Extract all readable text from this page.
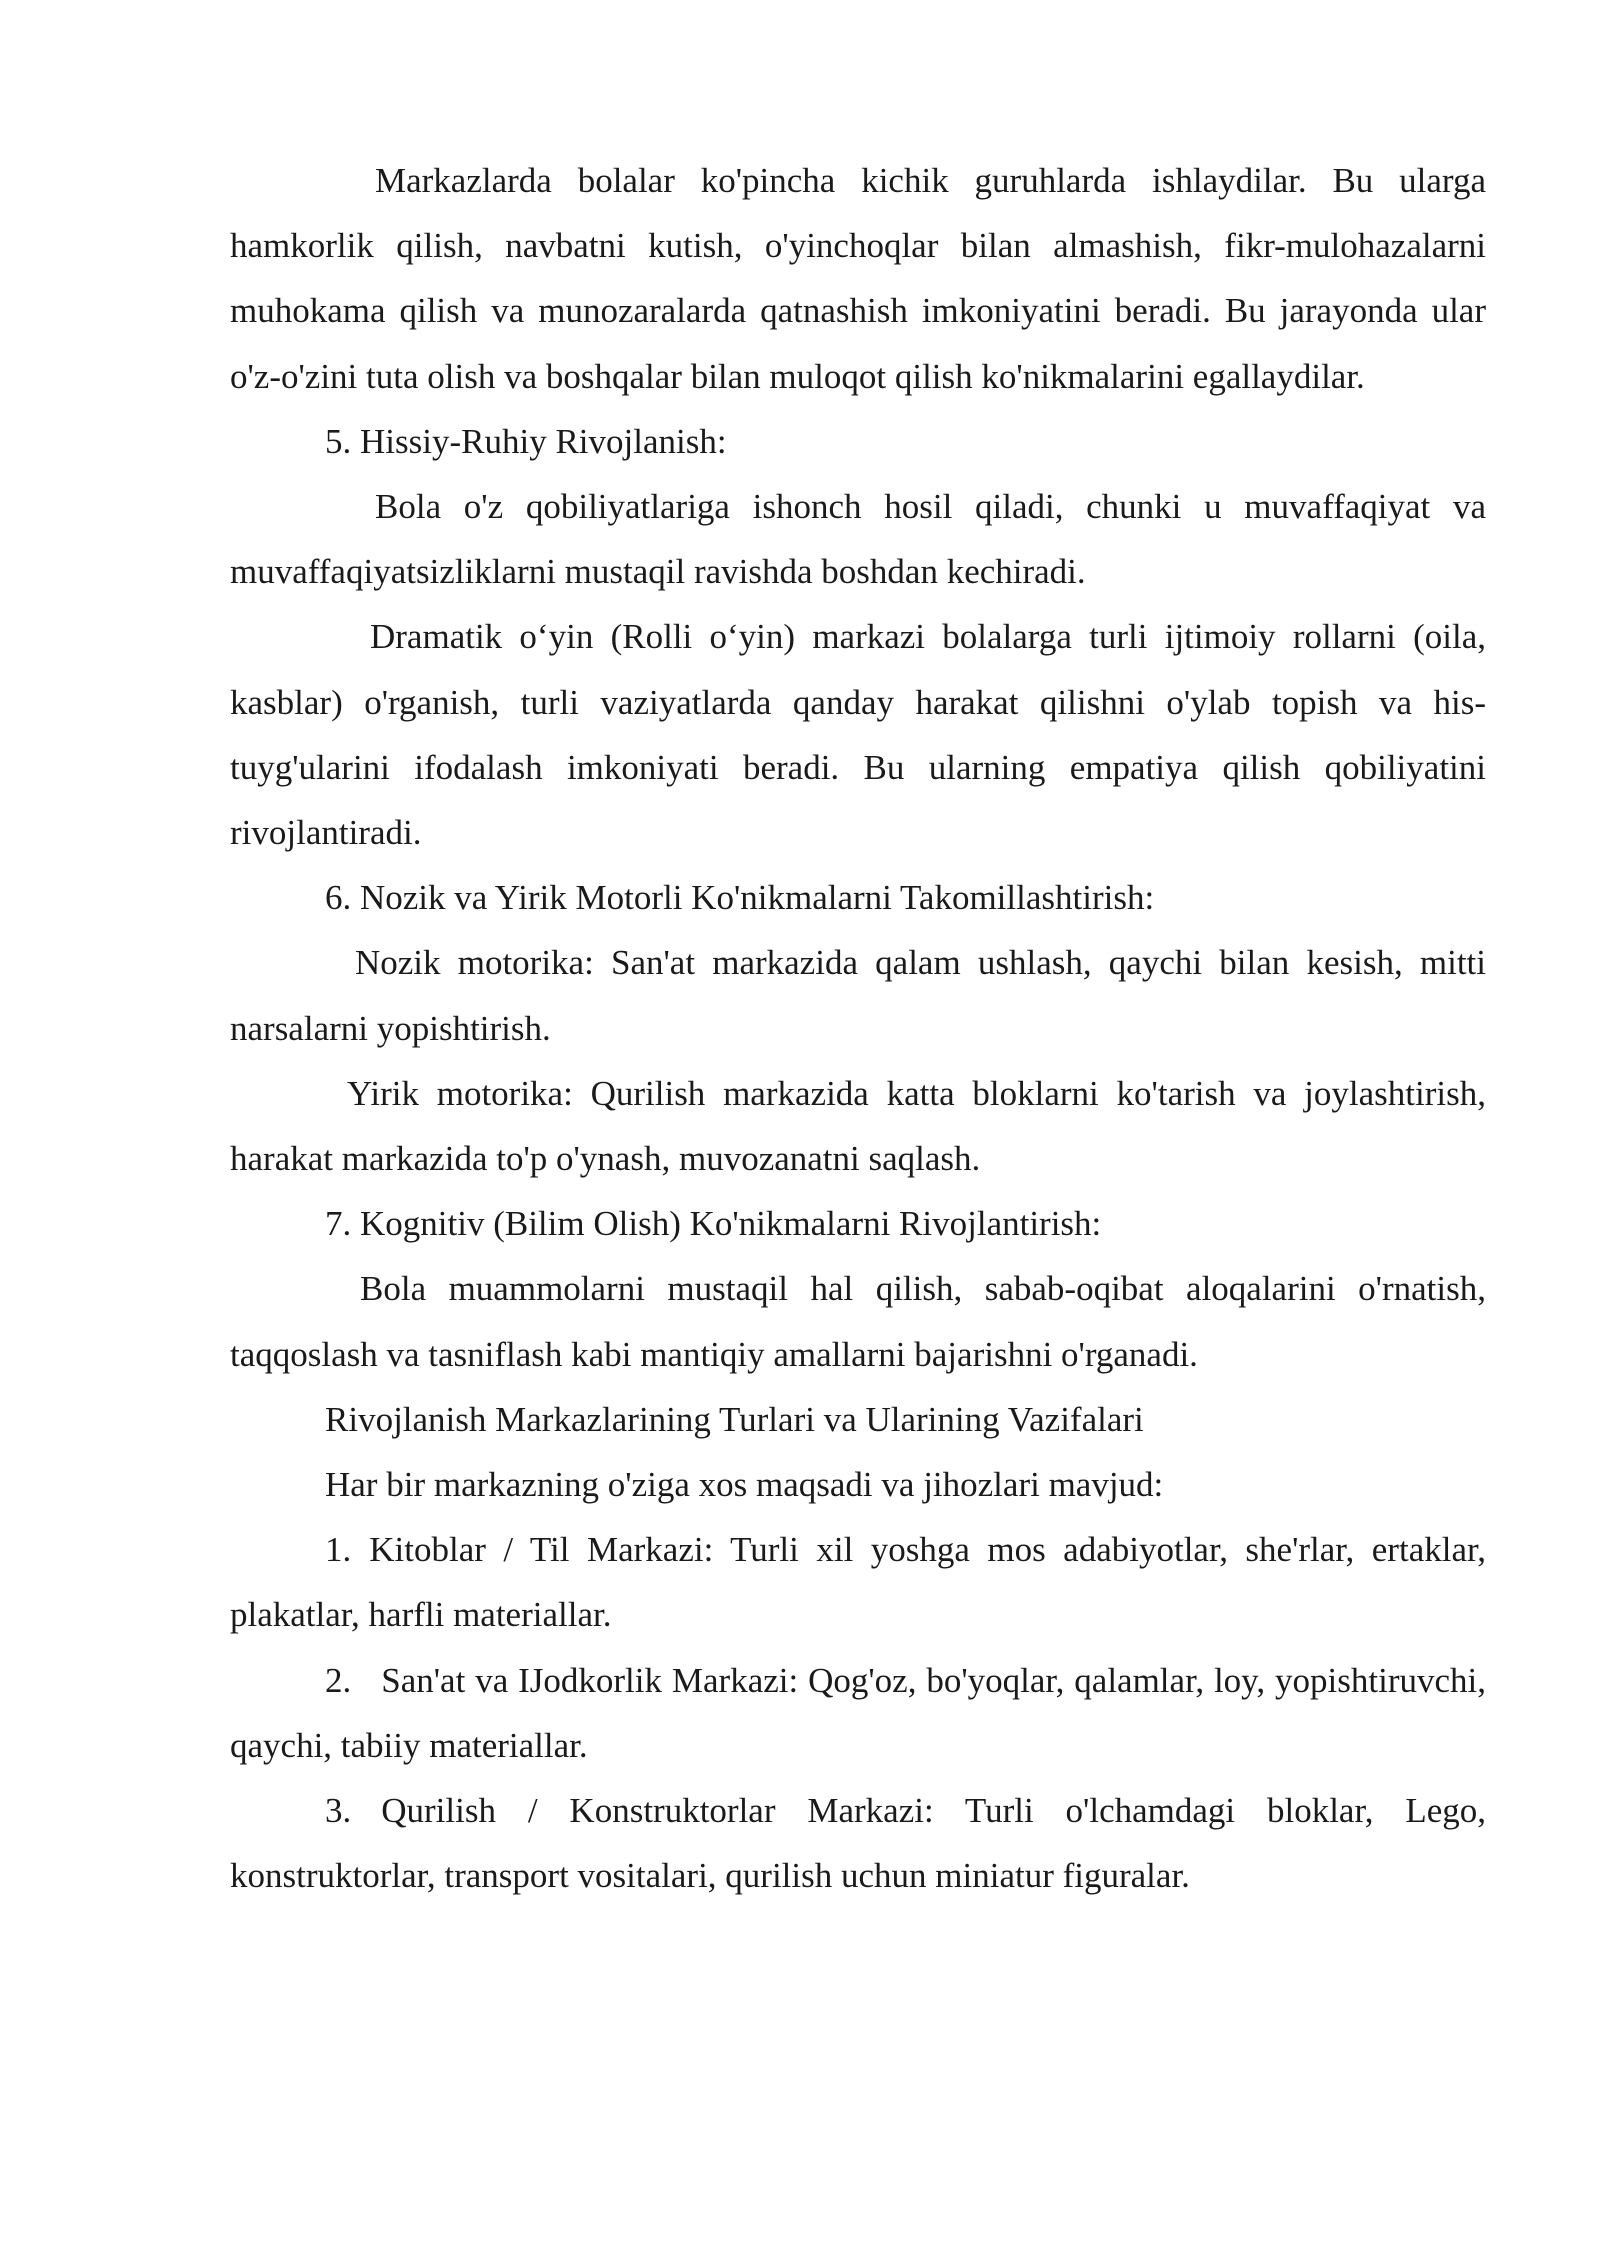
Markazlarda bolalar ko'pincha kichik guruhlarda ishlaydilar. Bu ularga hamkorlik qilish, navbatni kutish, o'yinchoqlar bilan almashish, fikr-mulohazalarni muhokama qilish va munozaralarda qatnashish imkoniyatini beradi. Bu jarayonda ular o'z-o'zini tuta olish va boshqalar bilan muloqot qilish ko'nikmalarini egallaydilar.

5. Hissiy-Ruhiy Rivojlanish:

Bola o'z qobiliyatlariga ishonch hosil qiladi, chunki u muvaffaqiyat va muvaffaqiyatsizliklarni mustaqil ravishda boshdan kechiradi.

Dramatik o‘yin (Rolli o‘yin) markazi bolalarga turli ijtimoiy rollarni (oila, kasblar) o'rganish, turli vaziyatlarda qanday harakat qilishni o'ylab topish va his-tuyg'ularini ifodalash imkoniyati beradi. Bu ularning empatiya qilish qobiliyatini rivojlantiradi.

6. Nozik va Yirik Motorli Ko'nikmalarni Takomillashtirish:

Nozik motorika: San'at markazida qalam ushlash, qaychi bilan kesish, mitti narsalarni yopishtirish.

Yirik motorika: Qurilish markazida katta bloklarni ko'tarish va joylashtirish, harakat markazida to'p o'ynash, muvozanatni saqlash.

7. Kognitiv (Bilim Olish) Ko'nikmalarni Rivojlantirish:

Bola muammolarni mustaqil hal qilish, sabab-oqibat aloqalarini o'rnatish, taqqoslash va tasniflash kabi mantiqiy amallarni bajarishni o'rganadi.

Rivojlanish Markazlarining Turlari va Ularining Vazifalari

Har bir markazning o'ziga xos maqsadi va jihozlari mavjud:

1. Kitoblar / Til Markazi: Turli xil yoshga mos adabiyotlar, she'rlar, ertaklar, plakatlar, harfli materiallar.

2. San'at va IJodkorlik Markazi: Qog'oz, bo'yoqlar, qalamlar, loy, yopishtiruvchi, qaychi, tabiiy materiallar.

3. Qurilish / Konstruktorlar Markazi: Turli o'lchamdagi bloklar, Lego, konstruktorlar, transport vositalari, qurilish uchun miniatur figuralar.
